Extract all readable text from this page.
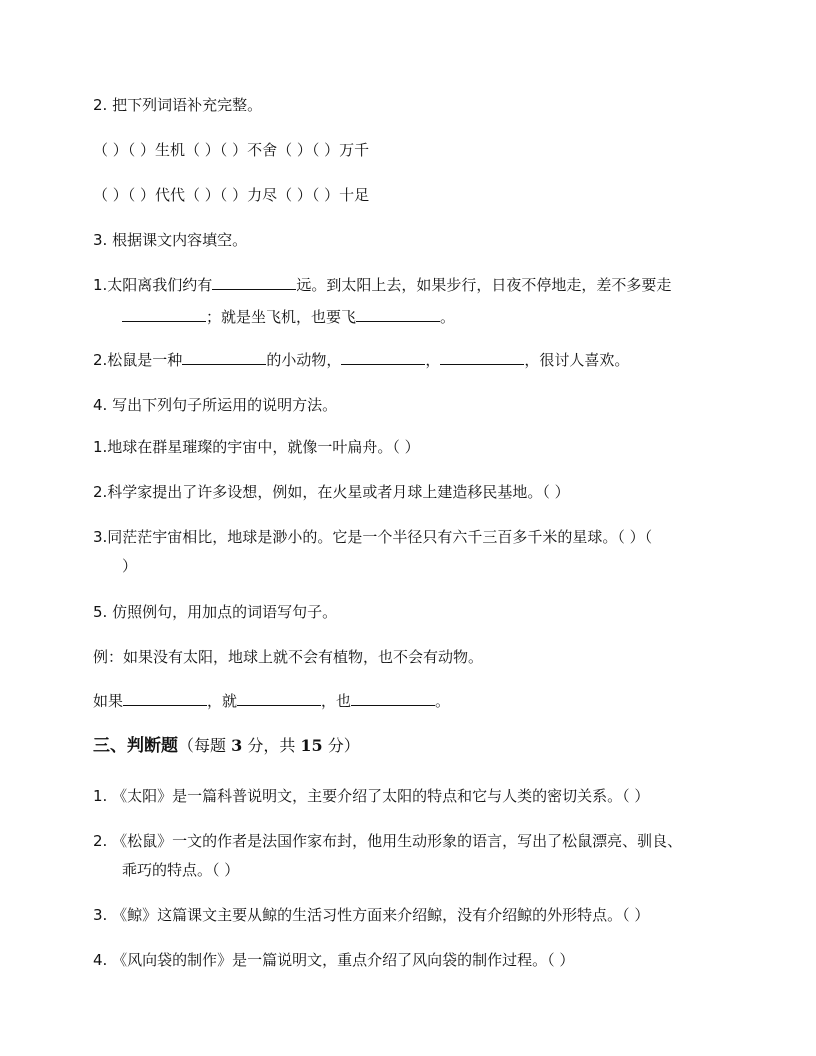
2. 把下列词语补充完整。
（ ）（ ）生机（ ）（ ）不舍（ ）（ ）万千
（ ）（ ）代代（ ）（ ）力尽（ ）（ ）十足
3. 根据课文内容填空。
1.太阳离我们约有	远。到太阳上去，如果步行，日夜不停地走，差不多要走
；就是坐飞机，也要飞	。
2.松鼠是一种	的小动物，	，	，很讨人喜欢。
4. 写出下列句子所运用的说明方法。
1.地球在群星璀璨的宇宙中，就像一叶扁舟。（ ）
2.科学家提出了许多设想，例如，在火星或者月球上建造移民基地。（ ）
3.同茫茫宇宙相比，地球是渺小的。它是一个半径只有六千三百多千米的星球。（ ）（
）
5. 仿照例句，用加点的词语写句子。
例：如果没有太阳，地球上就不会有植物，也不会有动物。
如果	，就	，也	。
三、判断题（每题 3 分，共 15 分）
1. 《太阳》是一篇科普说明文，主要介绍了太阳的特点和它与人类的密切关系。（ ）
2. 《松鼠》一文的作者是法国作家布封，他用生动形象的语言，写出了松鼠漂亮、驯良、
乖巧的特点。（ ）
3. 《鲸》这篇课文主要从鲸的生活习性方面来介绍鲸，没有介绍鲸的外形特点。（ ）
4. 《风向袋的制作》是一篇说明文，重点介绍了风向袋的制作过程。（ ）
